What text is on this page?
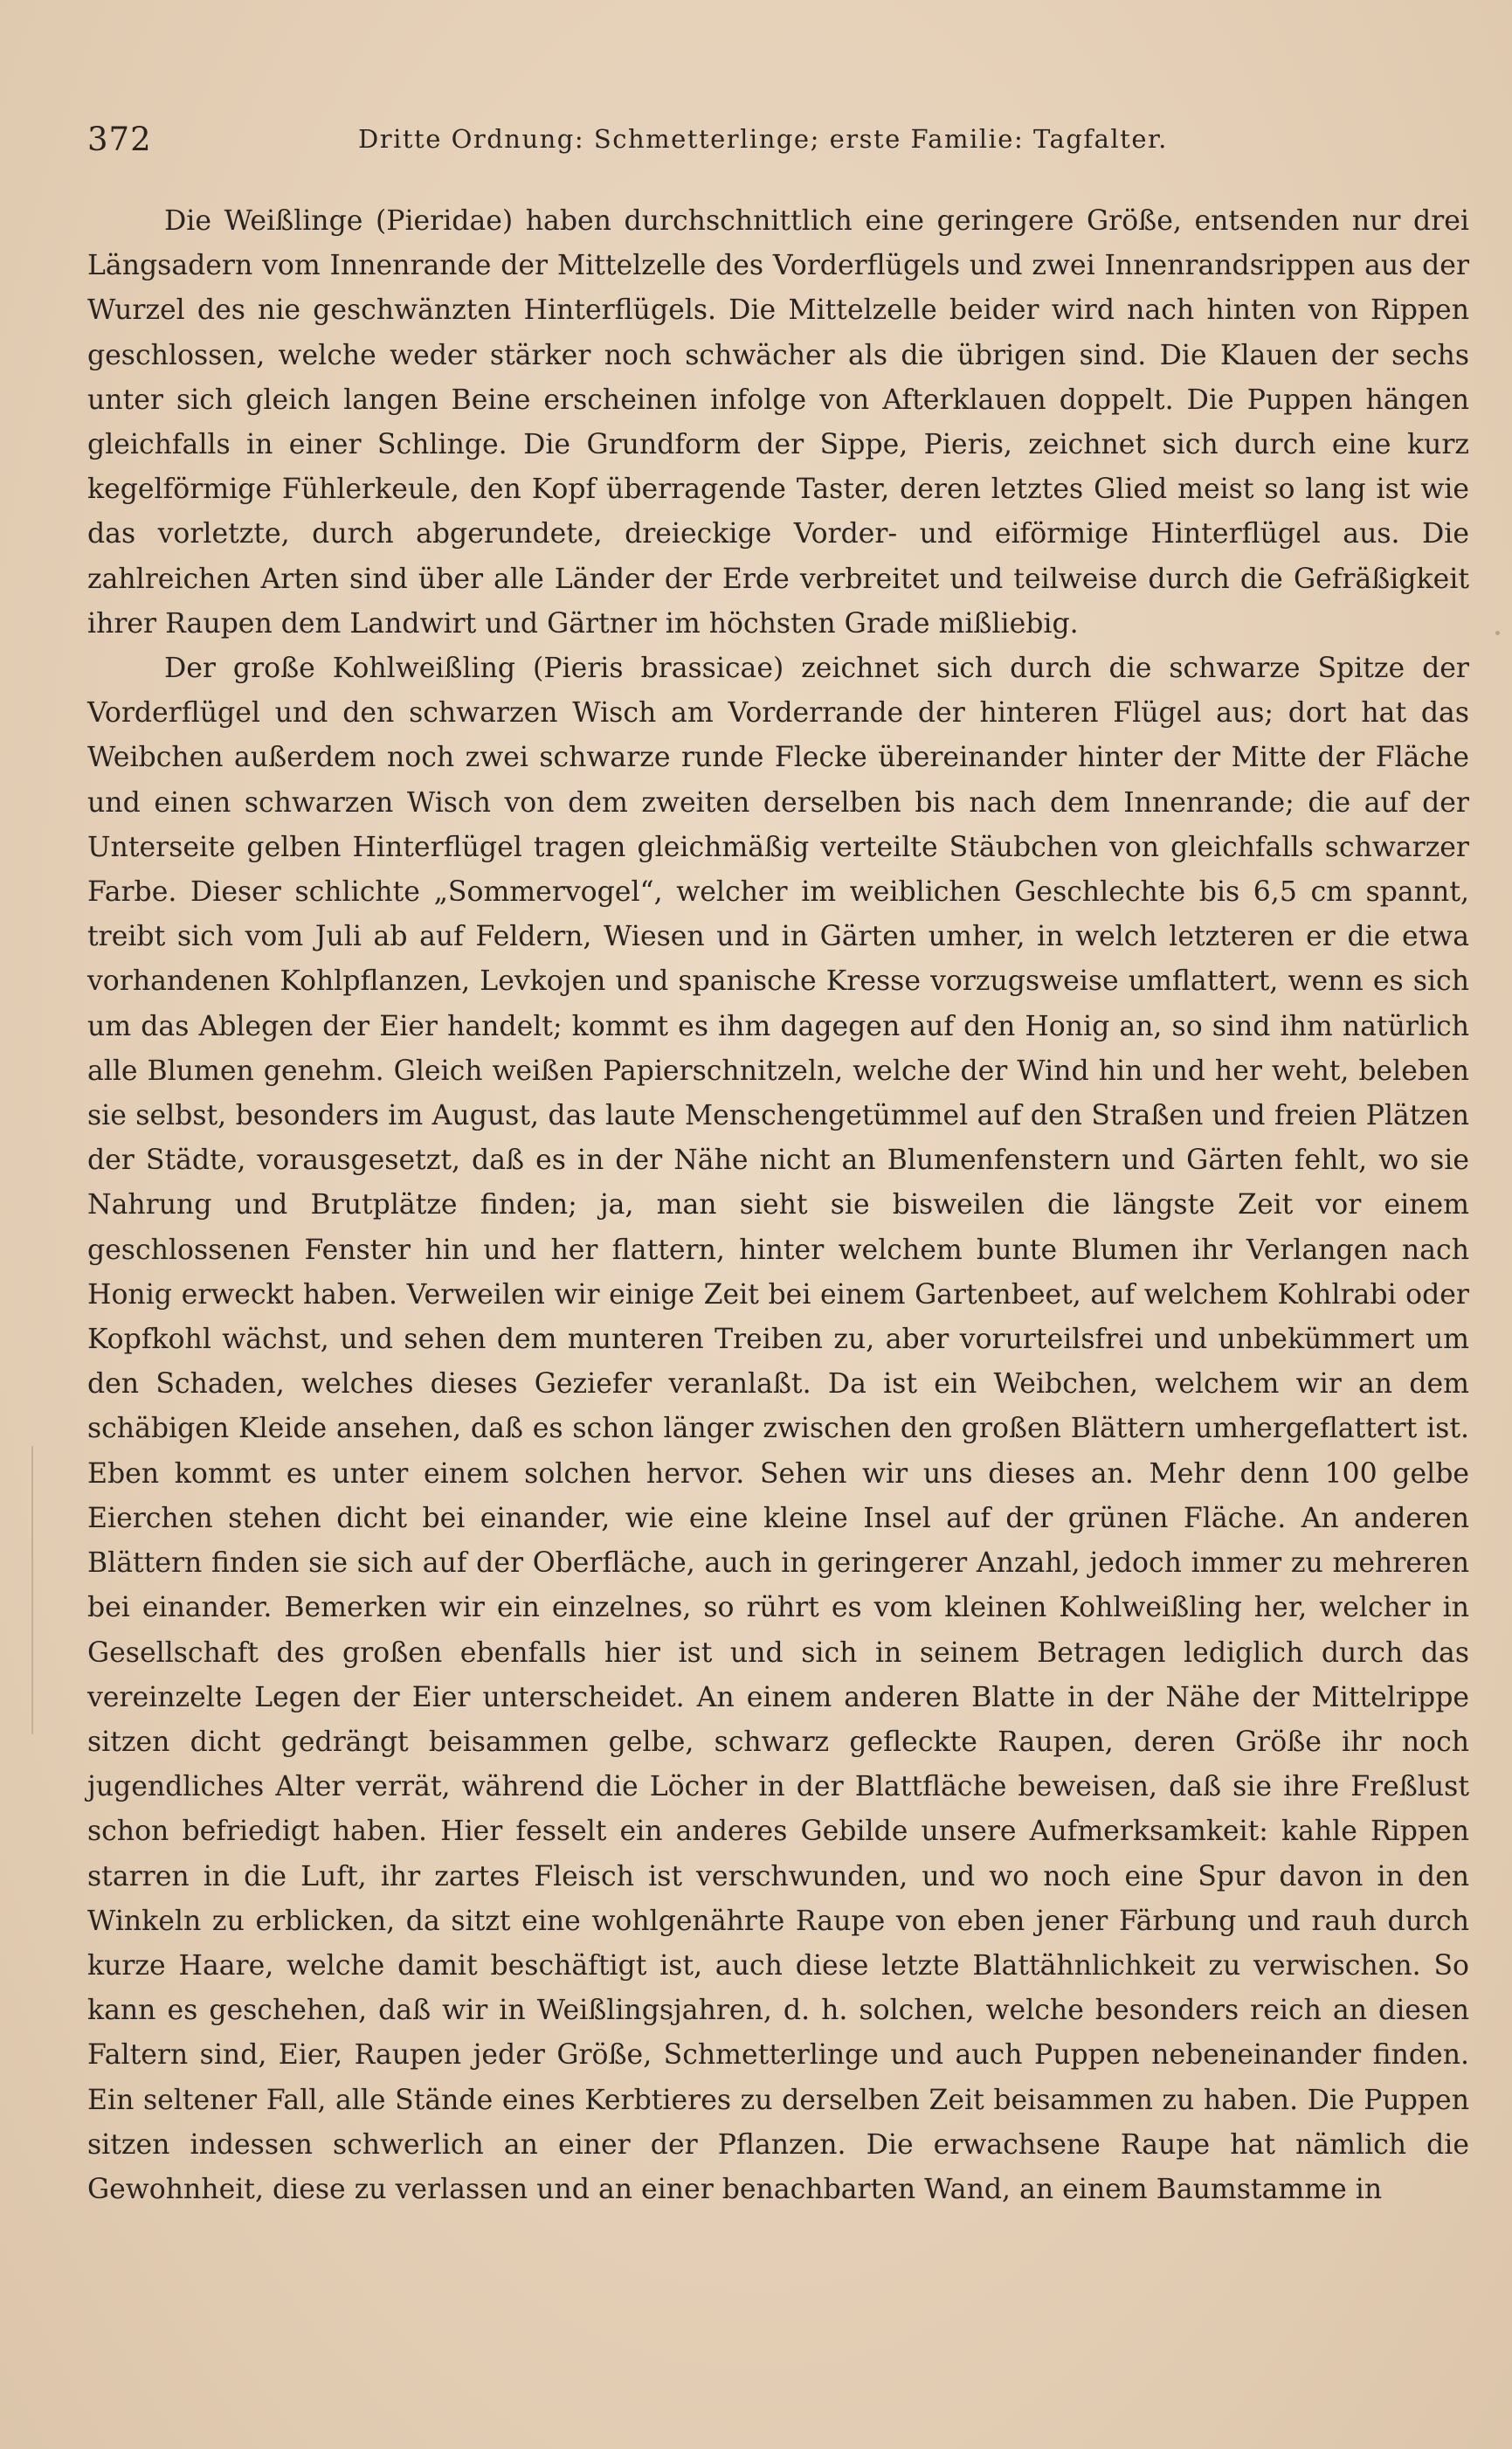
372	Dritte Ordnung: Schmetterlinge; erste Familie: Tagfalter.

Die Weißlinge (Pieridae) haben durchschnittlich eine geringere Größe, entsenden nur drei Längsadern vom Innenrande der Mittelzelle des Vorderflügels und zwei Innenrandsrippen aus der Wurzel des nie geschwänzten Hinterflügels. Die Mittelzelle beider wird nach hinten von Rippen geschlossen, welche weder stärker noch schwächer als die übrigen sind. Die Klauen der sechs unter sich gleich langen Beine erscheinen infolge von Afterklauen doppelt. Die Puppen hängen gleichfalls in einer Schlinge. Die Grundform der Sippe, Pieris, zeichnet sich durch eine kurz kegelförmige Fühlerkeule, den Kopf überragende Taster, deren letztes Glied meist so lang ist wie das vorletzte, durch abgerundete, dreieckige Vorder- und eiförmige Hinterflügel aus. Die zahlreichen Arten sind über alle Länder der Erde verbreitet und teilweise durch die Gefräßigkeit ihrer Raupen dem Landwirt und Gärtner im höchsten Grade mißliebig.

Der große Kohlweißling (Pieris brassicae) zeichnet sich durch die schwarze Spitze der Vorderflügel und den schwarzen Wisch am Vorderrande der hinteren Flügel aus; dort hat das Weibchen außerdem noch zwei schwarze runde Flecke übereinander hinter der Mitte der Fläche und einen schwarzen Wisch von dem zweiten derselben bis nach dem Innenrande; die auf der Unterseite gelben Hinterflügel tragen gleichmäßig verteilte Stäubchen von gleichfalls schwarzer Farbe. Dieser schlichte „Sommervogel“, welcher im weiblichen Geschlechte bis 6,5 cm spannt, treibt sich vom Juli ab auf Feldern, Wiesen und in Gärten umher, in welch letzteren er die etwa vorhandenen Kohlpflanzen, Levkojen und spanische Kresse vorzugsweise umflattert, wenn es sich um das Ablegen der Eier handelt; kommt es ihm dagegen auf den Honig an, so sind ihm natürlich alle Blumen genehm. Gleich weißen Papierschnitzeln, welche der Wind hin und her weht, beleben sie selbst, besonders im August, das laute Menschengetümmel auf den Straßen und freien Plätzen der Städte, vorausgesetzt, daß es in der Nähe nicht an Blumenfenstern und Gärten fehlt, wo sie Nahrung und Brutplätze finden; ja, man sieht sie bisweilen die längste Zeit vor einem geschlossenen Fenster hin und her flattern, hinter welchem bunte Blumen ihr Verlangen nach Honig erweckt haben. Verweilen wir einige Zeit bei einem Gartenbeet, auf welchem Kohlrabi oder Kopfkohl wächst, und sehen dem munteren Treiben zu, aber vorurteilsfrei und unbekümmert um den Schaden, welches dieses Geziefer veranlaßt. Da ist ein Weibchen, welchem wir an dem schäbigen Kleide ansehen, daß es schon länger zwischen den großen Blättern umhergeflattert ist. Eben kommt es unter einem solchen hervor. Sehen wir uns dieses an. Mehr denn 100 gelbe Eierchen stehen dicht bei einander, wie eine kleine Insel auf der grünen Fläche. An anderen Blättern finden sie sich auf der Oberfläche, auch in geringerer Anzahl, jedoch immer zu mehreren bei einander. Bemerken wir ein einzelnes, so rührt es vom kleinen Kohlweißling her, welcher in Gesellschaft des großen ebenfalls hier ist und sich in seinem Betragen lediglich durch das vereinzelte Legen der Eier unterscheidet. An einem anderen Blatte in der Nähe der Mittelrippe sitzen dicht gedrängt beisammen gelbe, schwarz gefleckte Raupen, deren Größe ihr noch jugendliches Alter verrät, während die Löcher in der Blattfläche beweisen, daß sie ihre Freßlust schon befriedigt haben. Hier fesselt ein anderes Gebilde unsere Aufmerksamkeit: kahle Rippen starren in die Luft, ihr zartes Fleisch ist verschwunden, und wo noch eine Spur davon in den Winkeln zu erblicken, da sitzt eine wohlgenährte Raupe von eben jener Färbung und rauh durch kurze Haare, welche damit beschäftigt ist, auch diese letzte Blattähnlichkeit zu verwischen. So kann es geschehen, daß wir in Weißlingsjahren, d. h. solchen, welche besonders reich an diesen Faltern sind, Eier, Raupen jeder Größe, Schmetterlinge und auch Puppen nebeneinander finden. Ein seltener Fall, alle Stände eines Kerbtieres zu derselben Zeit beisammen zu haben. Die Puppen sitzen indessen schwerlich an einer der Pflanzen. Die erwachsene Raupe hat nämlich die Gewohnheit, diese zu verlassen und an einer benachbarten Wand, an einem Baumstamme in
